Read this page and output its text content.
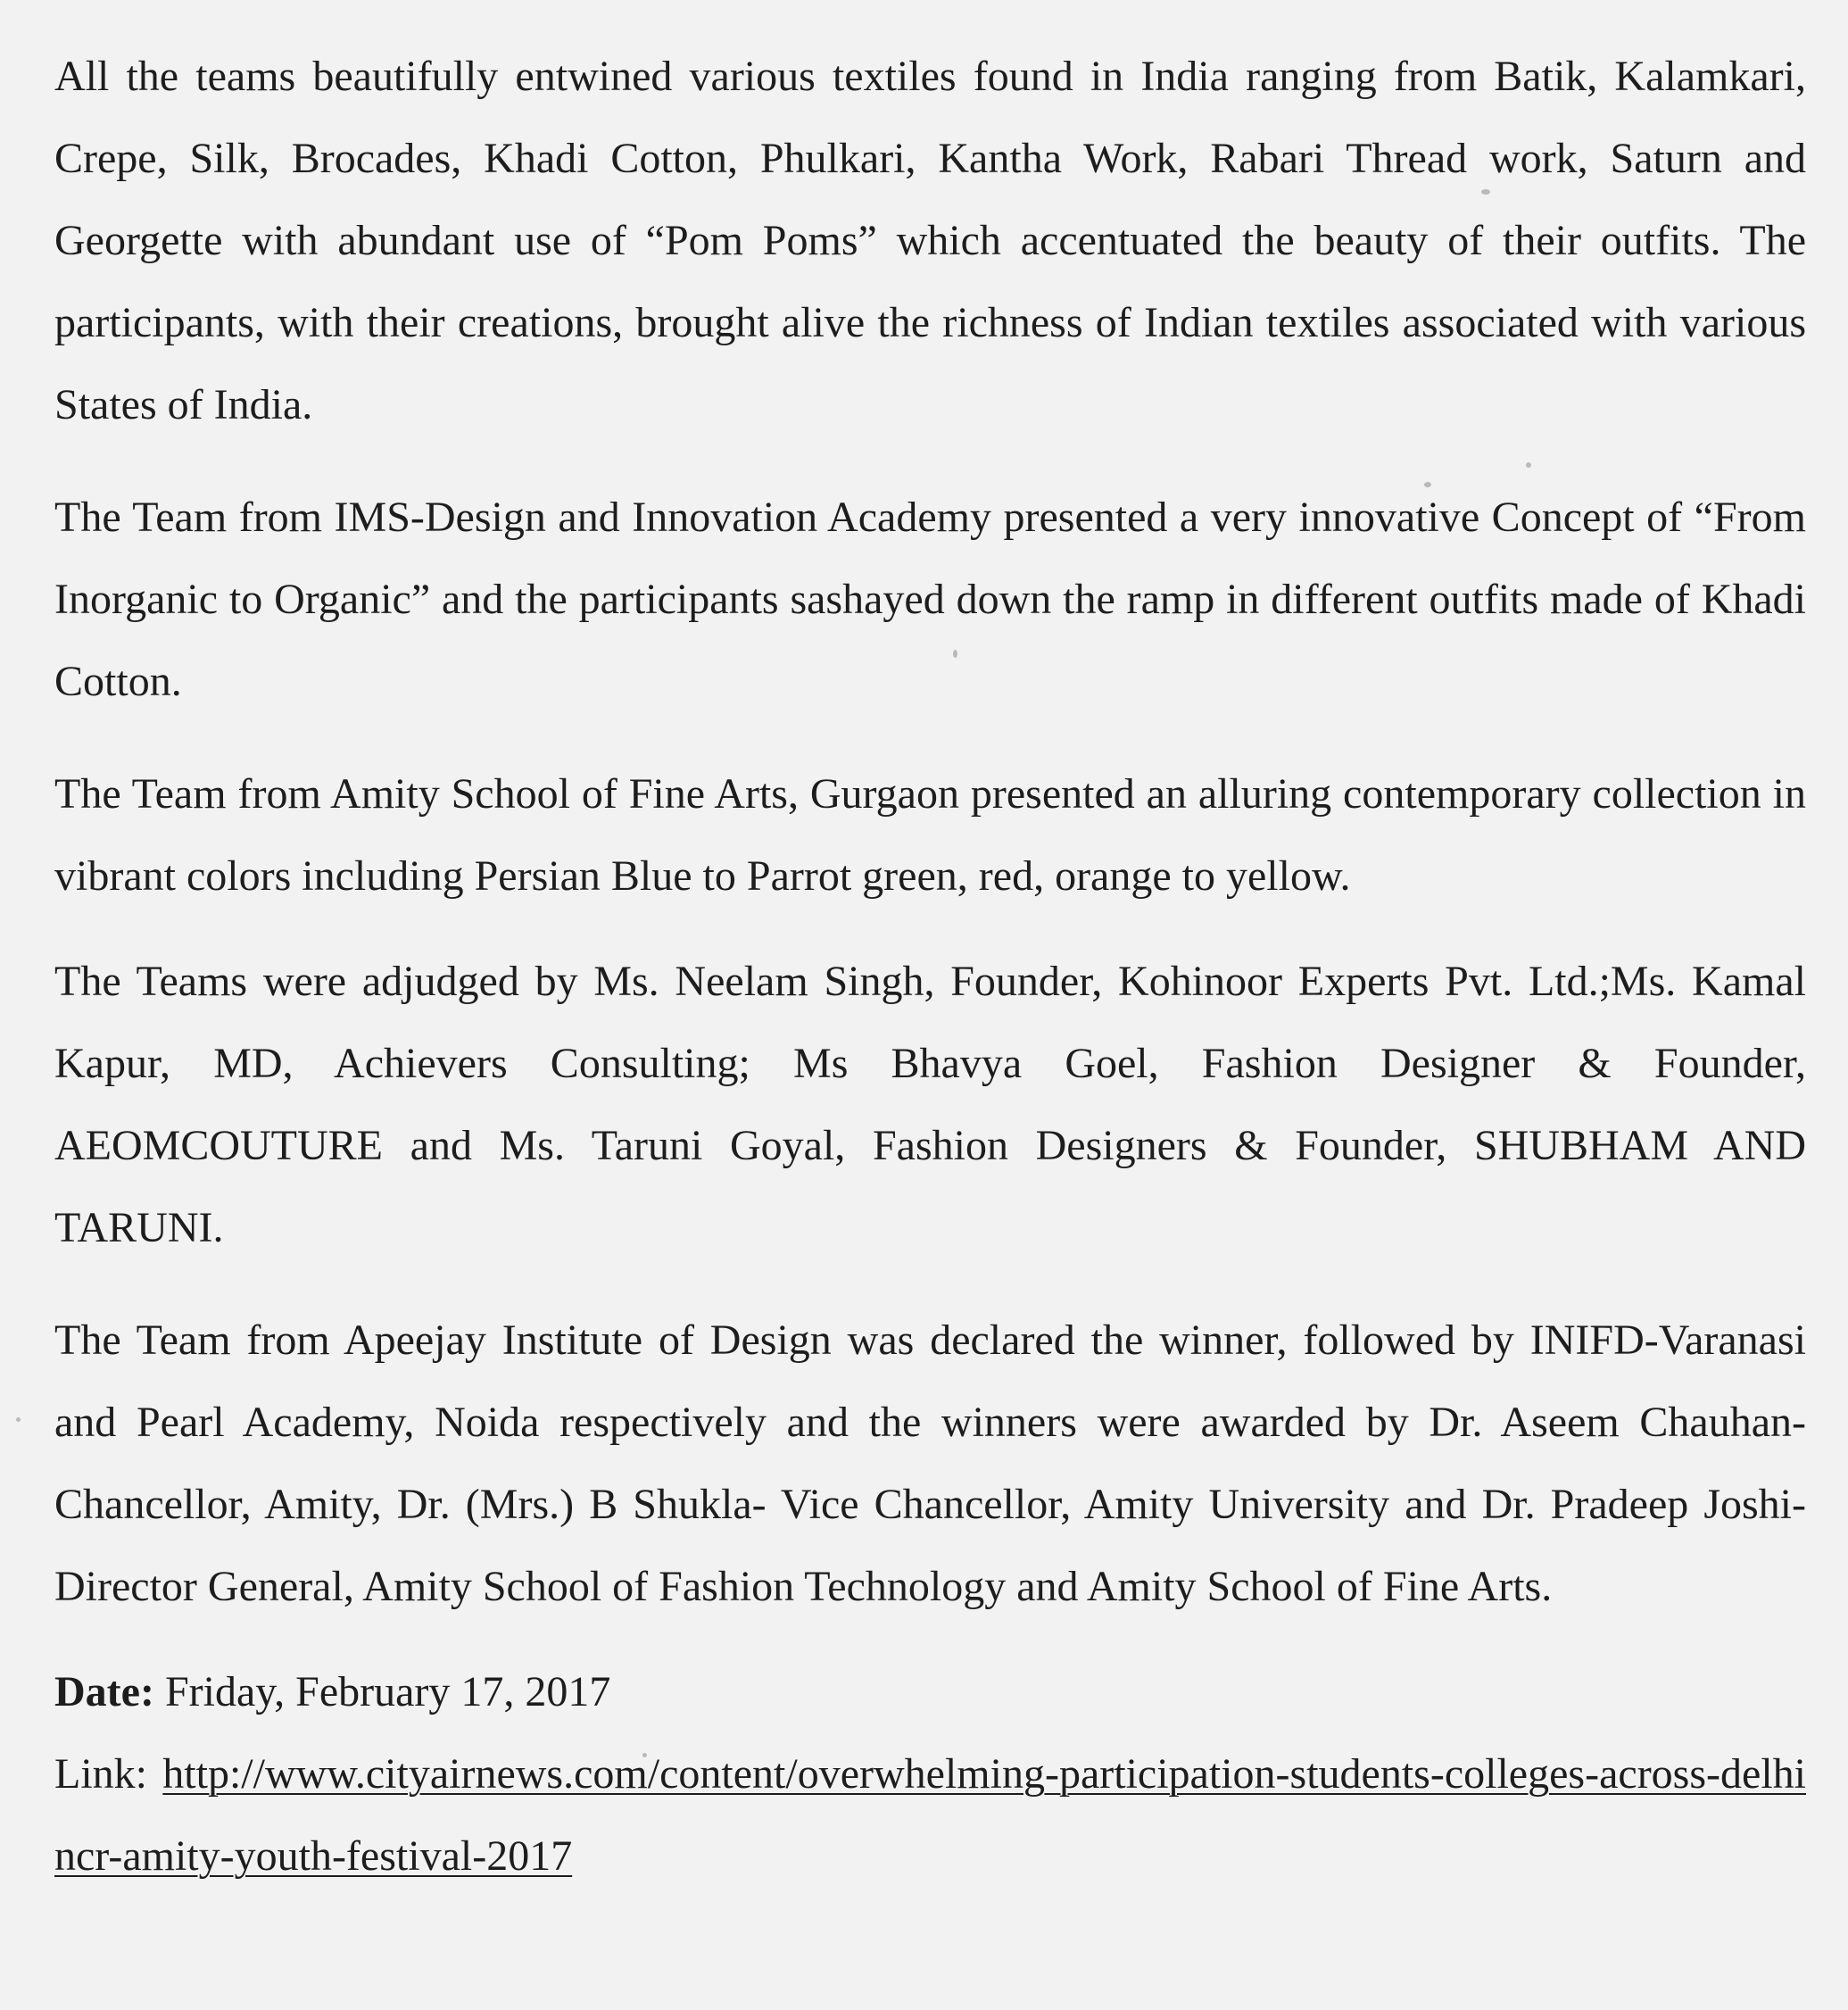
All the teams beautifully entwined various textiles found in India ranging from Batik, Kalamkari, Crepe, Silk, Brocades, Khadi Cotton, Phulkari, Kantha Work, Rabari Thread work, Saturn and Georgette with abundant use of “Pom Poms” which accentuated the beauty of their outfits. The participants, with their creations, brought alive the richness of Indian textiles associated with various States of India.

The Team from IMS-Design and Innovation Academy presented a very innovative Concept of “From Inorganic to Organic” and the participants sashayed down the ramp in different outfits made of Khadi Cotton.

The Team from Amity School of Fine Arts, Gurgaon presented an alluring contemporary collection in vibrant colors including Persian Blue to Parrot green, red, orange to yellow.

The Teams were adjudged by Ms. Neelam Singh, Founder, Kohinoor Experts Pvt. Ltd.;Ms. Kamal Kapur, MD, Achievers Consulting; Ms Bhavya Goel, Fashion Designer & Founder, AEOMCOUTURE and Ms. Taruni Goyal, Fashion Designers & Founder, SHUBHAM AND TARUNI.

The Team from Apeejay Institute of Design was declared the winner, followed by INIFD-Varanasi and Pearl Academy, Noida respectively and the winners were awarded by Dr. Aseem Chauhan- Chancellor, Amity, Dr. (Mrs.) B Shukla- Vice Chancellor, Amity University and Dr. Pradeep Joshi- Director General, Amity School of Fashion Technology and Amity School of Fine Arts.

Date: Friday, February 17, 2017

Link: http://www.cityairnews.com/content/overwhelming-participation-students-colleges-across-delhincr-amity-youth-festival-2017
